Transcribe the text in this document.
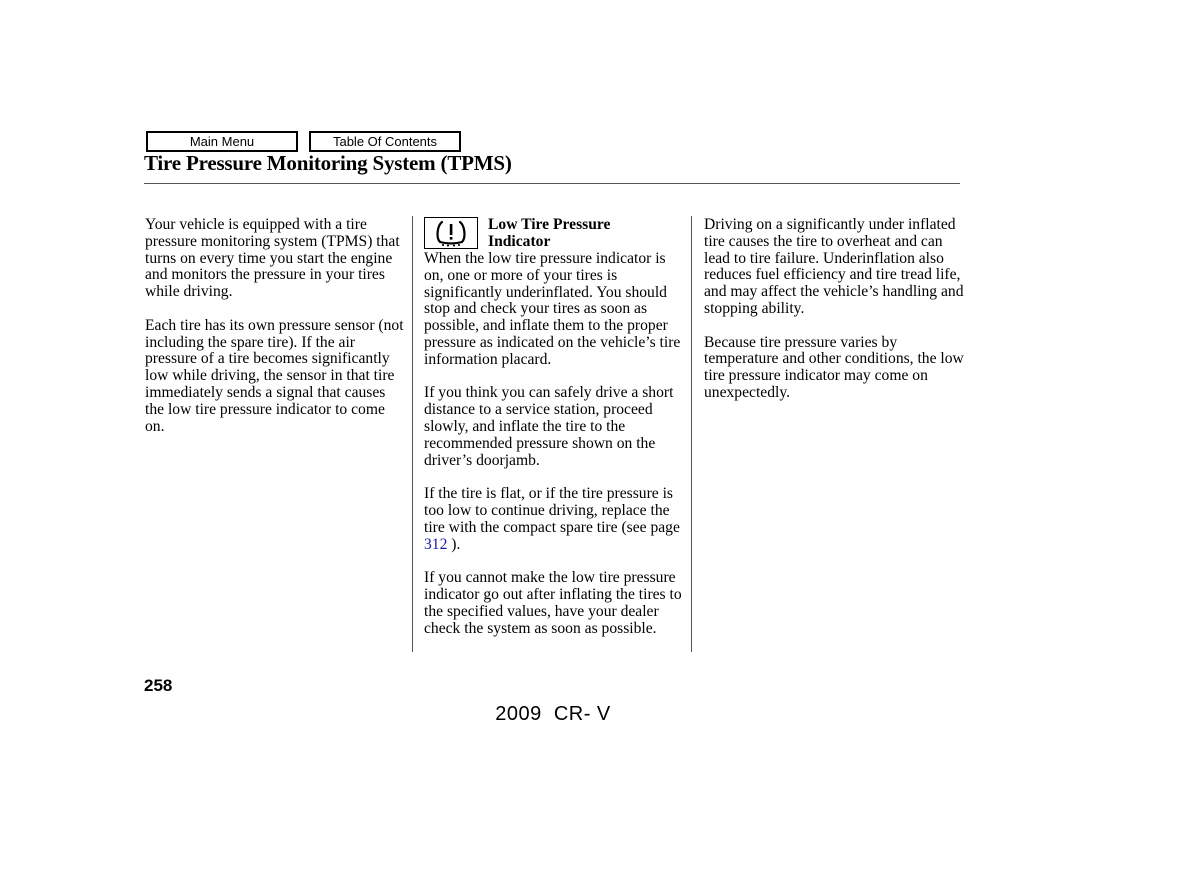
Main Menu	Table Of Contents
Tire Pressure Monitoring System (TPMS)

Your vehicle is equipped with a tire pressure monitoring system (TPMS) that turns on every time you start the engine and monitors the pressure in your tires while driving.

Each tire has its own pressure sensor (not including the spare tire). If the air pressure of a tire becomes significantly low while driving, the sensor in that tire immediately sends a signal that causes the low tire pressure indicator to come on.

Low Tire Pressure
Indicator

When the low tire pressure indicator is on, one or more of your tires is significantly underinflated. You should stop and check your tires as soon as possible, and inflate them to the proper pressure as indicated on the vehicle’s tire information placard.

If you think you can safely drive a short distance to a service station, proceed slowly, and inflate the tire to the recommended pressure shown on the driver’s doorjamb.

If the tire is flat, or if the tire pressure is too low to continue driving, replace the tire with the compact spare tire (see page 312 ).

If you cannot make the low tire pressure indicator go out after inflating the tires to the specified values, have your dealer check the system as soon as possible.

Driving on a significantly under inflated tire causes the tire to overheat and can lead to tire failure. Underinflation also reduces fuel efficiency and tire tread life, and may affect the vehicle’s handling and stopping ability.

Because tire pressure varies by temperature and other conditions, the low tire pressure indicator may come on unexpectedly.

258
2009  CR- V
